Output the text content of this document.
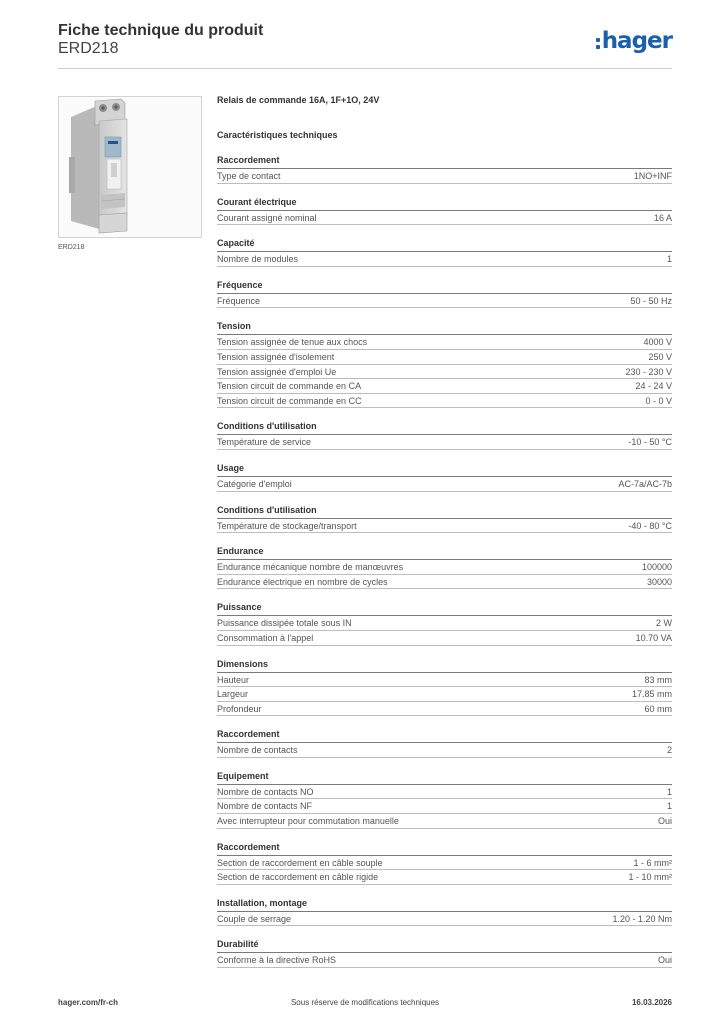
Fiche technique du produit
ERD218	hager
ERD218
Relais de commande 16A, 1F+1O, 24V
Caractéristiques techniques
Raccordement
Type de contact	1NO+INF
Courant électrique
Courant assigné nominal	16 A
Capacité
Nombre de modules	1
Fréquence
Fréquence	50 - 50 Hz
Tension
Tension assignée de tenue aux chocs	4000 V
Tension assignée d'isolement	250 V
Tension assignée d'emploi Ue	230 - 230 V
Tension circuit de commande en CA	24 - 24 V
Tension circuit de commande en CC	0 - 0 V
Conditions d'utilisation
Température de service	-10 - 50 °C
Usage
Catégorie d'emploi	AC-7a/AC-7b
Conditions d'utilisation
Température de stockage/transport	-40 - 80 °C
Endurance
Endurance mécanique nombre de manœuvres	100000
Endurance électrique en nombre de cycles	30000
Puissance
Puissance dissipée totale sous IN	2 W
Consommation à l'appel	10.70 VA
Dimensions
Hauteur	83 mm
Largeur	17.85 mm
Profondeur	60 mm
Raccordement
Nombre de contacts	2
Equipement
Nombre de contacts NO	1
Nombre de contacts NF	1
Avec interrupteur pour commutation manuelle	Oui
Raccordement
Section de raccordement en câble souple	1 - 6 mm²
Section de raccordement en câble rigide	1 - 10 mm²
Installation, montage
Couple de serrage	1.20 - 1.20 Nm
Durabilité
Conforme à la directive RoHS	Oui
hager.com/fr-ch	Sous réserve de modifications techniques	16.03.2026
